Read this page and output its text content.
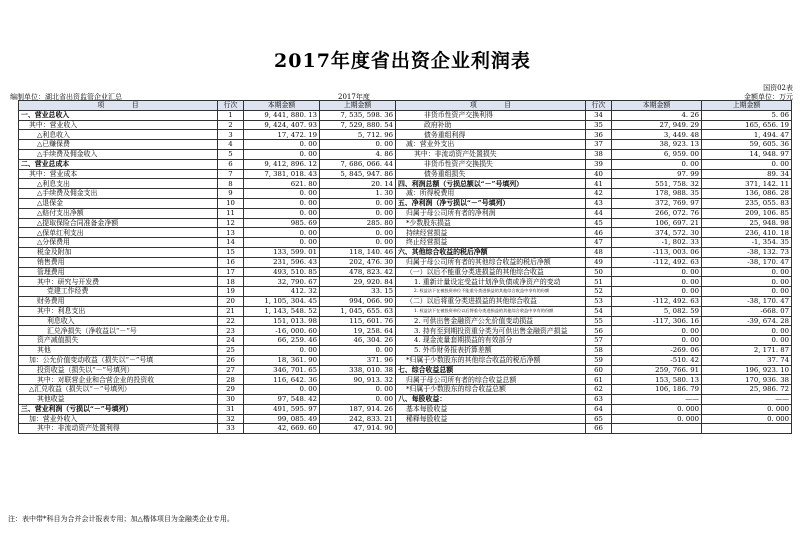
2017年度省出资企业利润表
国资02表
编制单位：湖北省出资监管企业汇总	2017年度	金额单位：万元
项　　　　目	行次	本期金额	上期金额	项　　　　目	行次	本期金额	上期金额
一、营业总收入	1	9, 441, 880. 13	7, 535, 598. 36	非货币性资产交换利得	34	4. 26	5. 06
其中：营业收入	2	9, 424, 407. 93	7, 529, 880. 54	政府补助	35	27, 949. 29	165, 656. 19
△利息收入	3	17, 472. 19	5, 712. 96	债务重组利得	36	3, 449. 48	1, 494. 47
△已赚保费	4	0. 00	0. 00	减：营业外支出	37	38, 923. 13	59, 605. 36
△手续费及佣金收入	5	0. 00	4. 86	其中：非流动资产处置损失	38	6, 959. 00	14, 948. 97
二、营业总成本	6	9, 412, 896. 12	7, 686, 066. 44	非货币性资产交换损失	39	0. 00	0. 00
其中：营业成本	7	7, 381, 018. 43	5, 845, 947. 86	债务重组损失	40	97. 99	89. 34
△利息支出	8	621. 80	20. 14	四、利润总额（亏损总额以“－”号填列）	41	551, 758. 32	371, 142. 11
△手续费及佣金支出	9	0. 00	1. 30	减：所得税费用	42	178, 988. 35	136, 086. 28
△退保金	10	0. 00	0. 00	五、净利润（净亏损以“－”号填列）	43	372, 769. 97	235, 055. 83
△赔付支出净额	11	0. 00	0. 00	归属于母公司所有者的净利润	44	266, 072. 76	209, 106. 85
△提取保险合同准备金净额	12	985. 69	285. 80	*少数股东损益	45	106, 697. 21	25, 948. 98
△保单红利支出	13	0. 00	0. 00	持续经营损益	46	374, 572. 30	236, 410. 18
△分保费用	14	0. 00	0. 00	终止经营损益	47	-1, 802. 33	-1, 354. 35
税金及附加	15	133, 599. 01	118, 140. 46	六、其他综合收益的税后净额	48	-113, 003. 06	-38, 132. 73
销售费用	16	231, 596. 43	202, 476. 30	归属于母公司所有者的其他综合收益的税后净额	49	-112, 492. 63	-38, 170. 47
管理费用	17	493, 510. 85	478, 823. 42	（一）以后不能重分类进损益的其他综合收益	50	0. 00	0. 00
其中：研究与开发费	18	32, 790. 67	29, 920. 84	1. 重新计量设定受益计划净负债或净资产的变动	51	0. 00	0. 00
党建工作经费	19	412. 32	33. 15	2. 权益法下在被投资单位不能重分类进损益的其他综合收益中享有的份额	52	0. 00	0. 00
财务费用	20	1, 105, 304. 45	994, 066. 90	（二）以后将重分类进损益的其他综合收益	53	-112, 492. 63	-38, 170. 47
其中：利息支出	21	1, 143, 548. 52	1, 045, 655. 63	1. 权益法下在被投资单位以后将重分类进损益的其他综合收益中享有的份额	54	5, 082. 59	-668. 07
利息收入	22	151, 013. 98	115, 601. 76	2. 可供出售金融资产公允价值变动损益	55	-117, 306. 16	-39, 674. 28
汇兑净损失（净收益以“－”号	23	-16, 000. 60	19, 258. 64	3. 持有至到期投资重分类为可供出售金融资产损益	56	0. 00	0. 00
资产减值损失	24	66, 259. 46	46, 304. 26	4. 现金流量套期损益的有效部分	57	0. 00	0. 00
其他	25	0. 00	0. 00	5. 外币财务报表折算差额	58	-269. 06	2, 171. 87
加：公允价值变动收益（损失以“－”号填	26	18, 361. 90	371. 96	*归属于少数股东的其他综合收益的税后净额	59	-510. 42	37. 74
投资收益（损失以“－”号填列）	27	346, 701. 65	338, 010. 38	七、综合收益总额	60	259, 766. 91	196, 923. 10
其中：对联营企业和合营企业的投资收	28	116, 642. 36	90, 913. 32	归属于母公司所有者的综合收益总额	61	153, 580. 13	170, 936. 38
△汇兑收益（损失以“－”号填列）	29	0. 00	0. 00	*归属于少数股东的综合收益总额	62	106, 186. 79	25, 986. 72
其他收益	30	97, 548. 42	0. 00	八、每股收益：	63	——	——
三、营业利润（亏损以“－”号填列）	31	491, 595. 97	187, 914. 26	基本每股收益	64	0. 000	0. 000
加：营业外收入	32	99, 085. 49	242, 833. 21	稀释每股收益	65	0. 000	0. 000
其中：非流动资产处置利得	33	42, 669. 60	47, 914. 90		66		
注：表中带*科目为合并会计报表专用；加△楷体项目为金融类企业专用。
